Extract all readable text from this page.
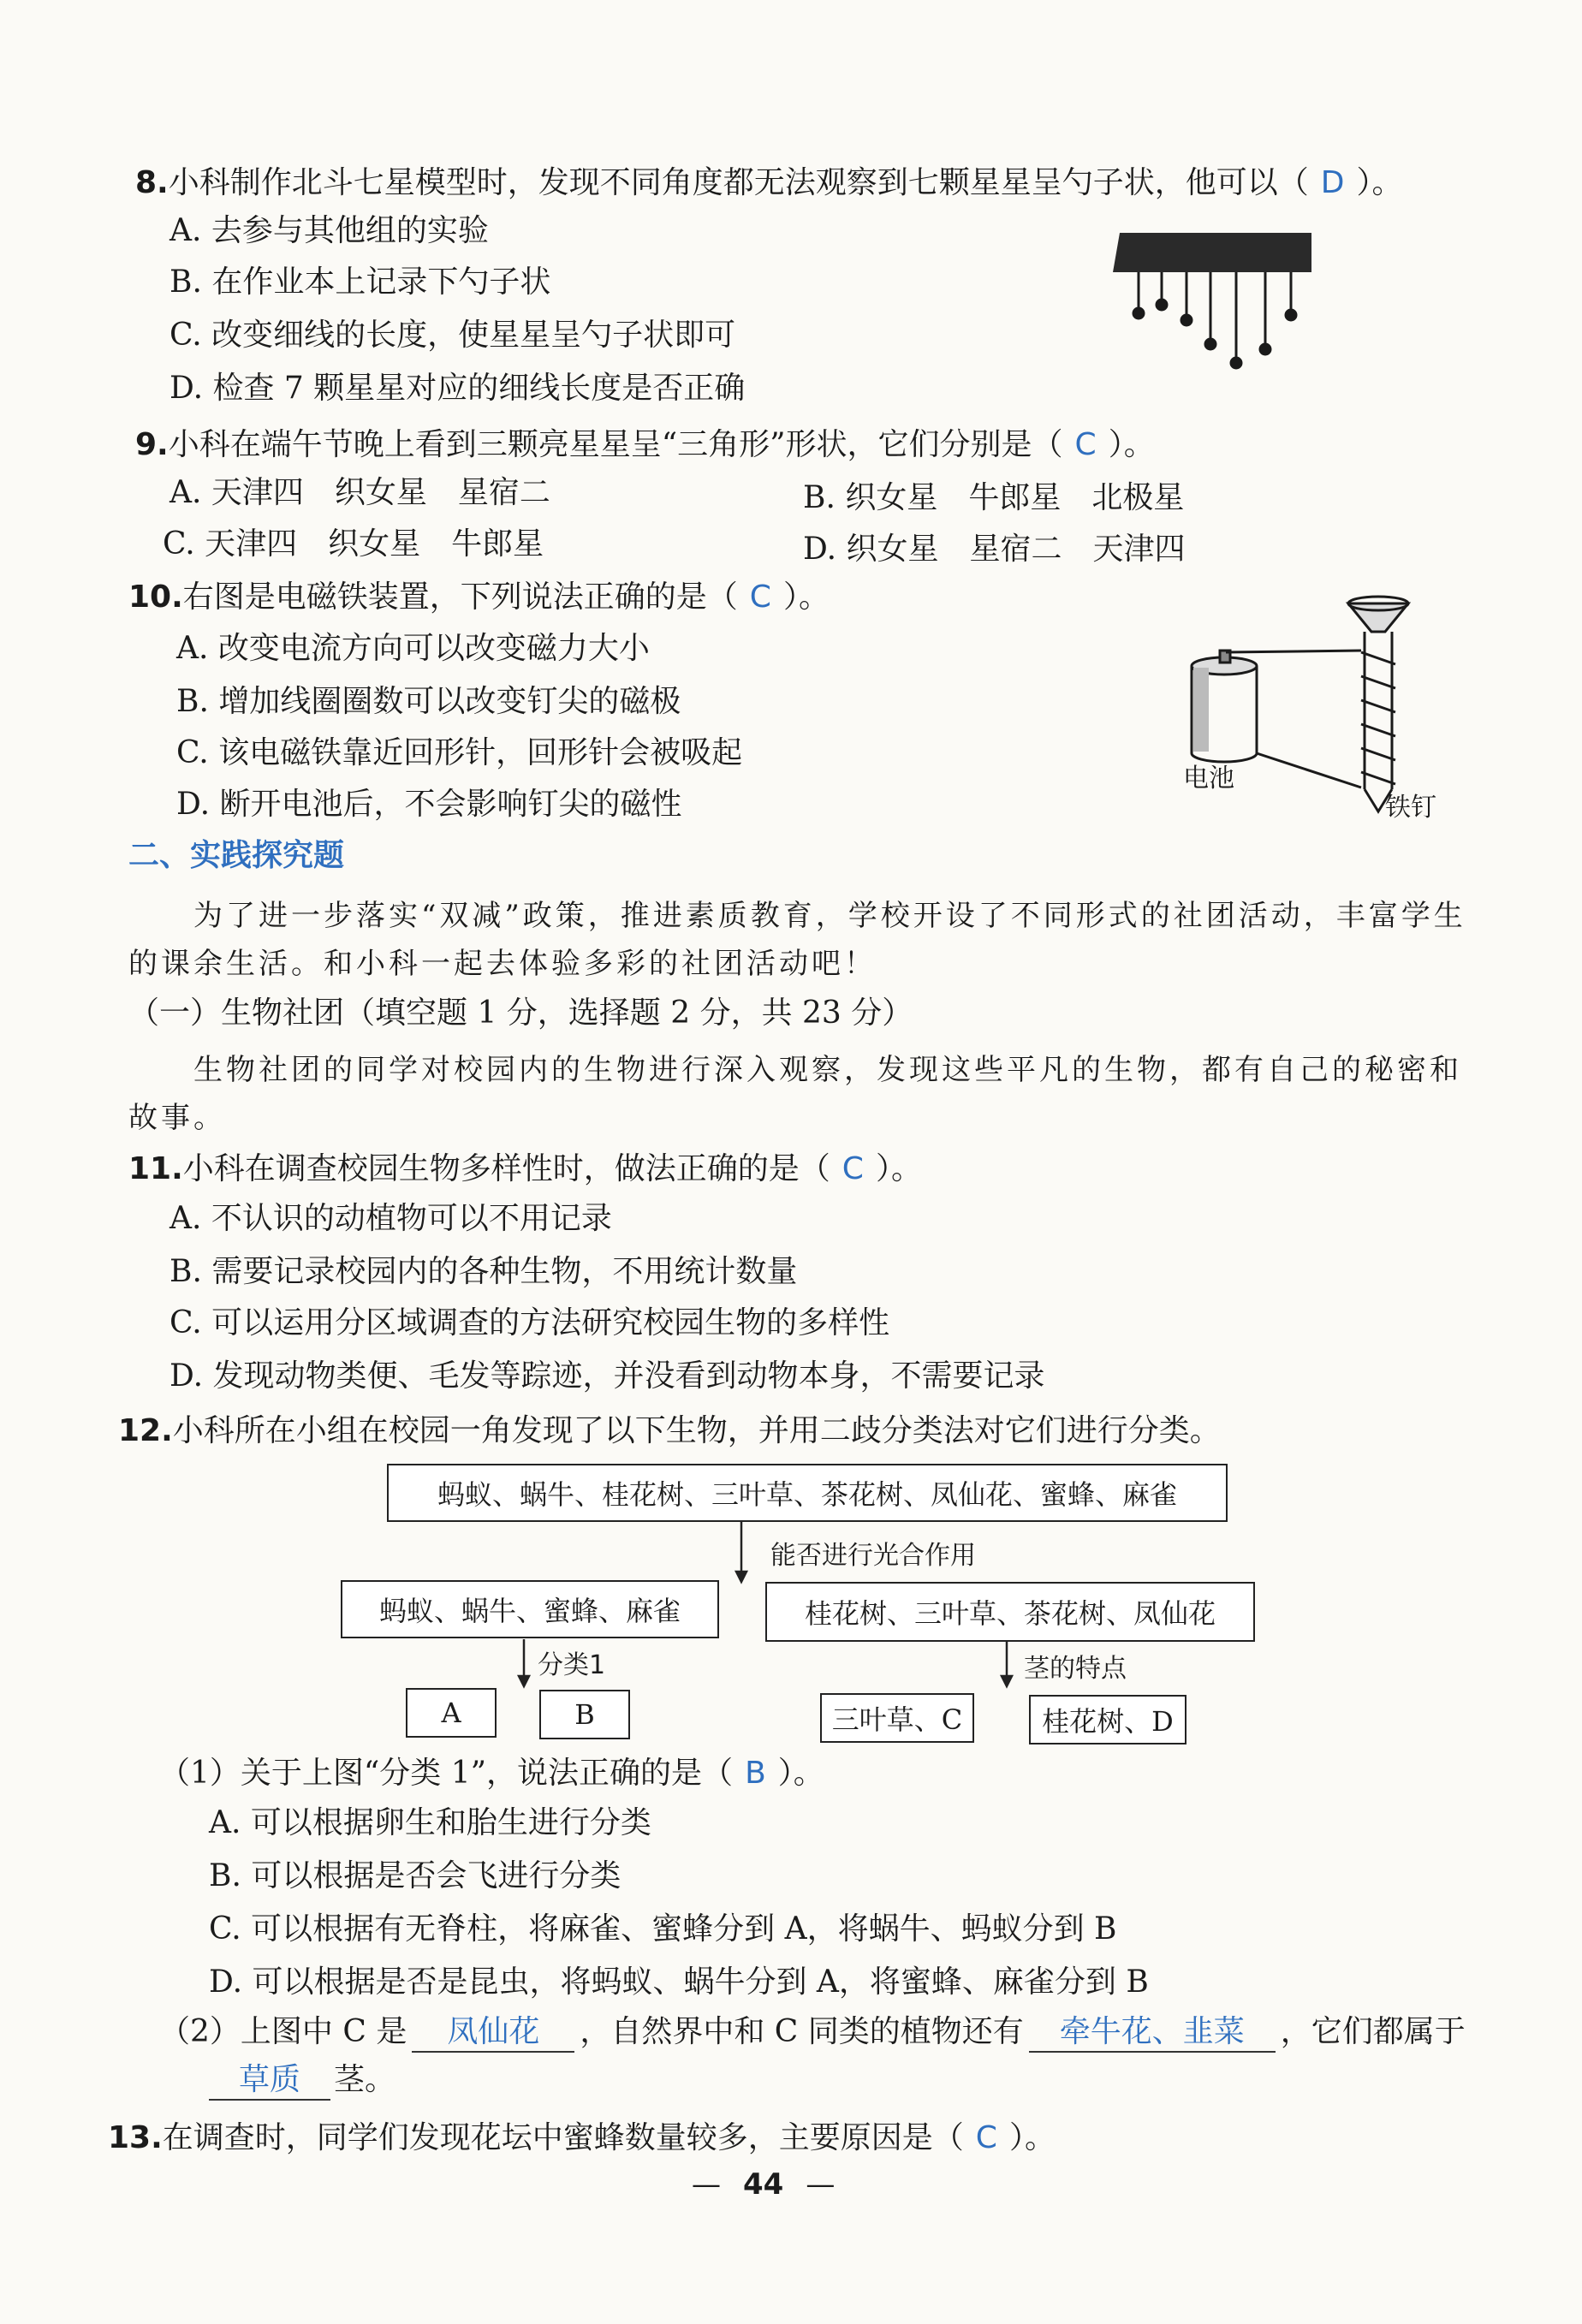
8.小科制作北斗七星模型时，发现不同角度都无法观察到七颗星星呈勺子状，他可以（ D ）。
A. 去参与其他组的实验
B. 在作业本上记录下勺子状
C. 改变细线的长度，使星星呈勺子状即可
D. 检查 7 颗星星对应的细线长度是否正确
9.小科在端午节晚上看到三颗亮星星呈“三角形”形状，它们分别是（ C ）。
A. 天津四　织女星　星宿二	B. 织女星　牛郎星　北极星
C. 天津四　织女星　牛郎星	D. 织女星　星宿二　天津四
10.右图是电磁铁装置，下列说法正确的是（ C ）。
A. 改变电流方向可以改变磁力大小
B. 增加线圈圈数可以改变钉尖的磁极
C. 该电磁铁靠近回形针，回形针会被吸起
D. 断开电池后，不会影响钉尖的磁性
电池
铁钉
二、实践探究题
为了进一步落实“双减”政策，推进素质教育，学校开设了不同形式的社团活动，丰富学生
的课余生活。和小科一起去体验多彩的社团活动吧！
（一）生物社团（填空题 1 分，选择题 2 分，共 23 分）
生物社团的同学对校园内的生物进行深入观察，发现这些平凡的生物，都有自己的秘密和
故事。
11.小科在调查校园生物多样性时，做法正确的是（ C ）。
A. 不认识的动植物可以不用记录
B. 需要记录校园内的各种生物，不用统计数量
C. 可以运用分区域调查的方法研究校园生物的多样性
D. 发现动物类便、毛发等踪迹，并没看到动物本身，不需要记录
12.小科所在小组在校园一角发现了以下生物，并用二歧分类法对它们进行分类。
蚂蚁、蜗牛、桂花树、三叶草、茶花树、凤仙花、蜜蜂、麻雀
能否进行光合作用
蚂蚁、蜗牛、蜜蜂、麻雀	桂花树、三叶草、茶花树、凤仙花
分类1	茎的特点
A	B	三叶草、C	桂花树、D
（1）关于上图“分类 1”，说法正确的是（ B ）。
A. 可以根据卵生和胎生进行分类
B. 可以根据是否会飞进行分类
C. 可以根据有无脊柱，将麻雀、蜜蜂分到 A，将蜗牛、蚂蚁分到 B
D. 可以根据是否是昆虫，将蚂蚁、蜗牛分到 A，将蜜蜂、麻雀分到 B
（2）上图中 C 是 凤仙花 ，自然界中和 C 同类的植物还有 牵牛花、韭菜 ，它们都属于
草质 茎。
13.在调查时，同学们发现花坛中蜜蜂数量较多，主要原因是（ C ）。
— 44 —
